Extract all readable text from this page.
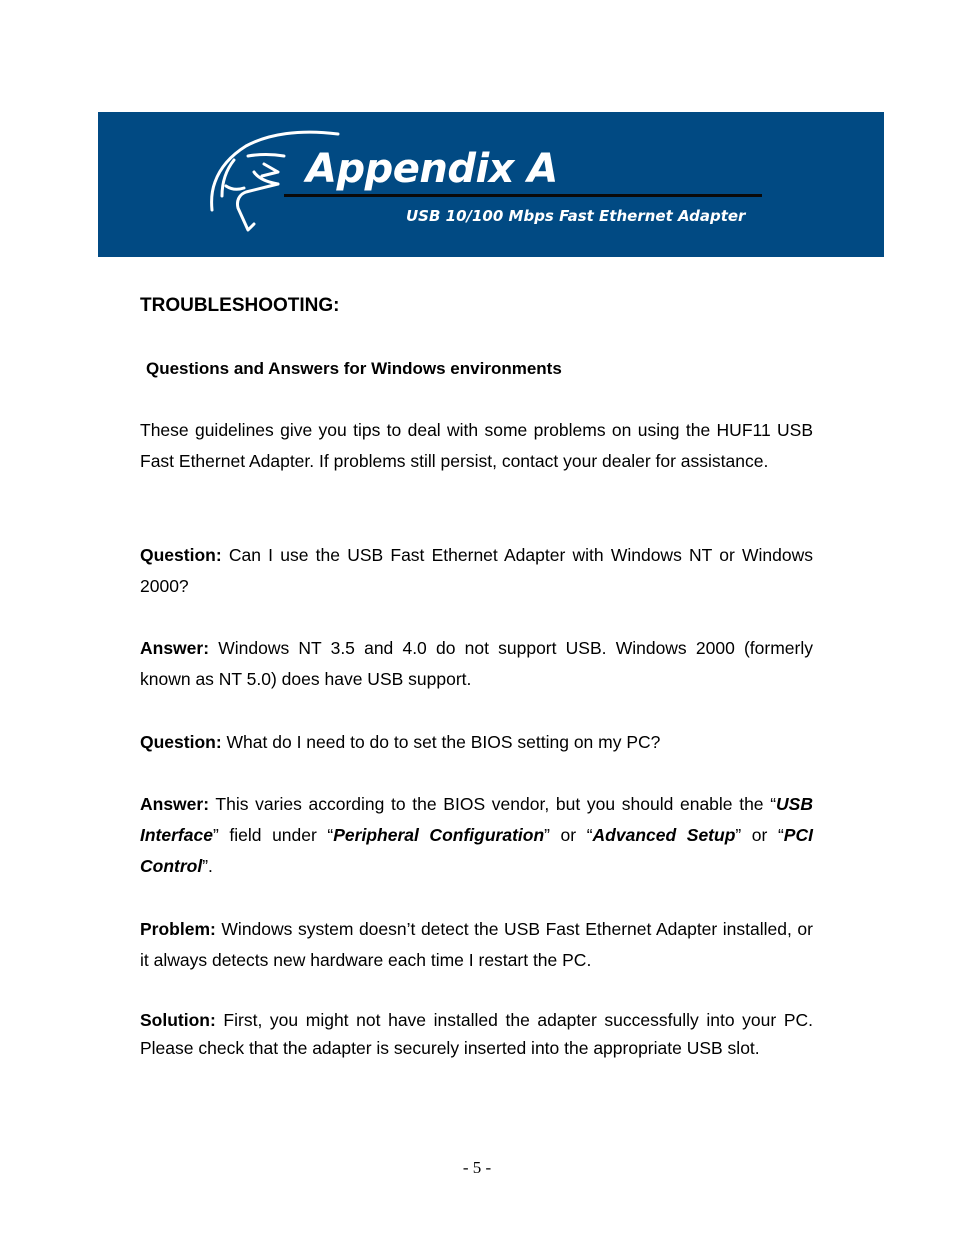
Appendix A
USB 10/100 Mbps Fast Ethernet Adapter
TROUBLESHOOTING:
Questions and Answers for Windows environments
These guidelines give you tips to deal with some problems on using the HUF11 USB Fast Ethernet Adapter. If problems still persist, contact your dealer for assistance.
Question: Can I use the USB Fast Ethernet Adapter with Windows NT or Windows 2000?
Answer: Windows NT 3.5 and 4.0 do not support USB. Windows 2000 (formerly known as NT 5.0) does have USB support.
Question: What do I need to do to set the BIOS setting on my PC?
Answer: This varies according to the BIOS vendor, but you should enable the “USB Interface” field under “Peripheral Configuration” or “Advanced Setup” or “PCI Control”.
Problem: Windows system doesn’t detect the USB Fast Ethernet Adapter installed, or it always detects new hardware each time I restart the PC.
Solution: First, you might not have installed the adapter successfully into your PC. Please check that the adapter is securely inserted into the appropriate USB slot.
- 5 -
